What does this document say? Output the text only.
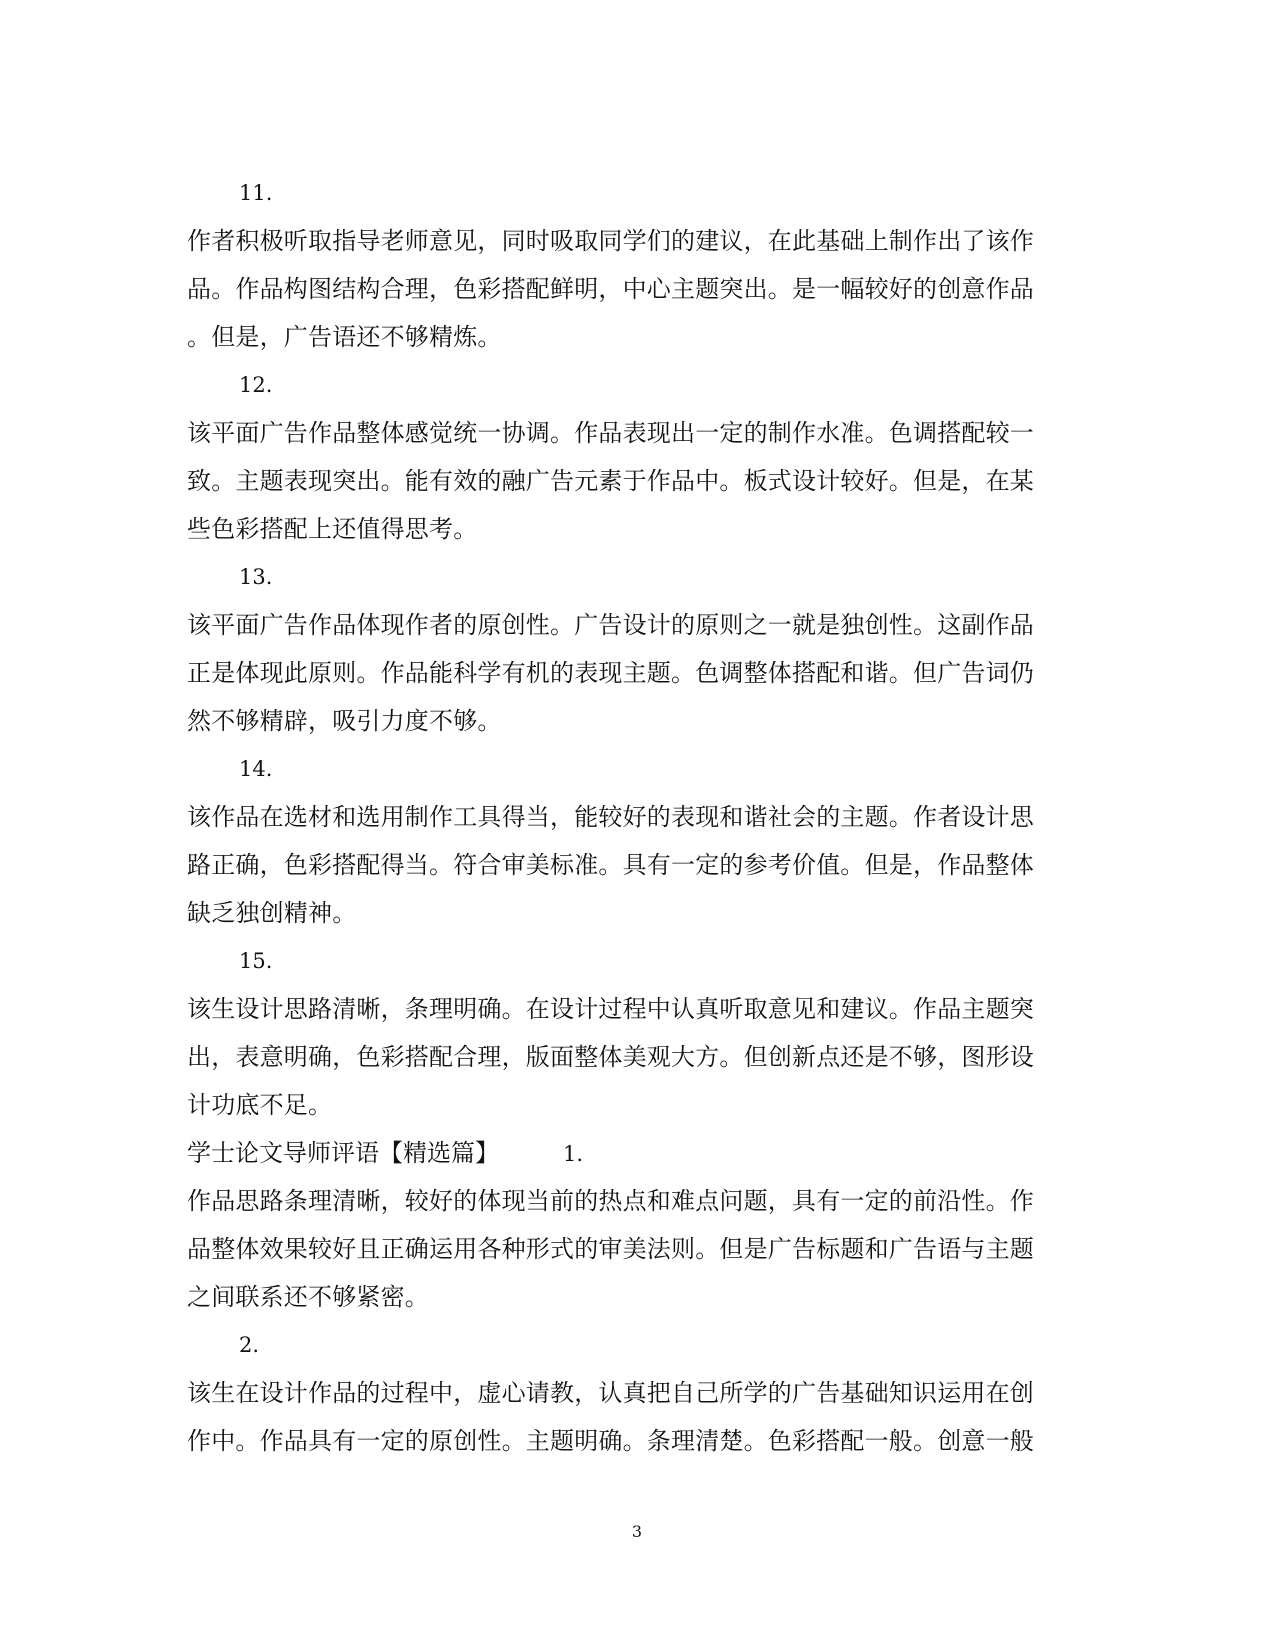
11.
作者积极听取指导老师意见，同时吸取同学们的建议，在此基础上制作出了该作
品。作品构图结构合理，色彩搭配鲜明，中心主题突出。是一幅较好的创意作品
。但是，广告语还不够精炼。
12.
该平面广告作品整体感觉统一协调。作品表现出一定的制作水准。色调搭配较一
致。主题表现突出。能有效的融广告元素于作品中。板式设计较好。但是，在某
些色彩搭配上还值得思考。
13.
该平面广告作品体现作者的原创性。广告设计的原则之一就是独创性。这副作品
正是体现此原则。作品能科学有机的表现主题。色调整体搭配和谐。但广告词仍
然不够精辟，吸引力度不够。
14.
该作品在选材和选用制作工具得当，能较好的表现和谐社会的主题。作者设计思
路正确，色彩搭配得当。符合审美标准。具有一定的参考价值。但是，作品整体
缺乏独创精神。
15.
该生设计思路清晰，条理明确。在设计过程中认真听取意见和建议。作品主题突
出，表意明确，色彩搭配合理，版面整体美观大方。但创新点还是不够，图形设
计功底不足。
学士论文导师评语【精选篇】	1.
作品思路条理清晰，较好的体现当前的热点和难点问题，具有一定的前沿性。作
品整体效果较好且正确运用各种形式的审美法则。但是广告标题和广告语与主题
之间联系还不够紧密。
2.
该生在设计作品的过程中，虚心请教，认真把自己所学的广告基础知识运用在创
作中。作品具有一定的原创性。主题明确。条理清楚。色彩搭配一般。创意一般
3
